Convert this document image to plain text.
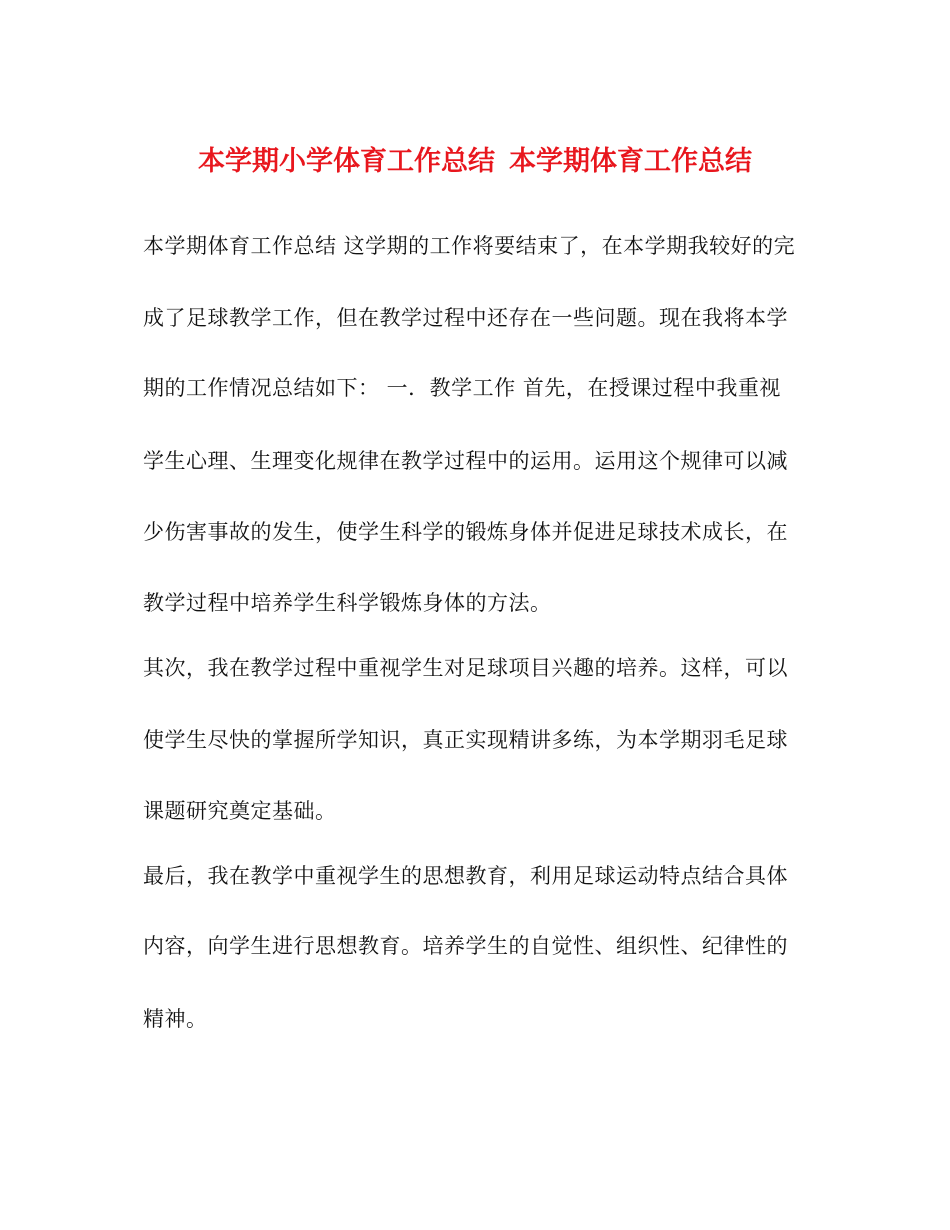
本学期小学体育工作总结 本学期体育工作总结
本学期体育工作总结 这学期的工作将要结束了，在本学期我较好的完
成了足球教学工作，但在教学过程中还存在一些问题。现在我将本学
期的工作情况总结如下： 一．教学工作 首先，在授课过程中我重视
学生心理、生理变化规律在教学过程中的运用。运用这个规律可以减
少伤害事故的发生，使学生科学的锻炼身体并促进足球技术成长，在
教学过程中培养学生科学锻炼身体的方法。
其次，我在教学过程中重视学生对足球项目兴趣的培养。这样，可以
使学生尽快的掌握所学知识，真正实现精讲多练，为本学期羽毛足球
课题研究奠定基础。
最后，我在教学中重视学生的思想教育，利用足球运动特点结合具体
内容，向学生进行思想教育。培养学生的自觉性、组织性、纪律性的
精神。
